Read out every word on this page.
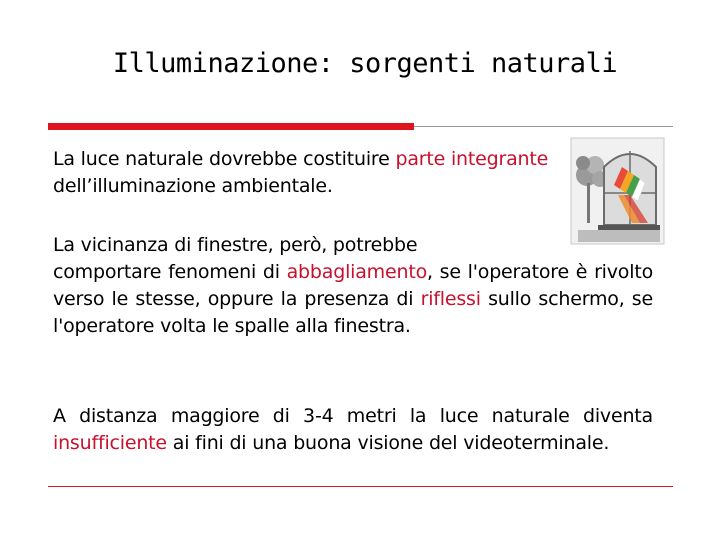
Illuminazione: sorgenti naturali
La luce naturale dovrebbe costituire parte integrante dell’illuminazione ambientale.
La vicinanza di finestre, però, potrebbe
comportare fenomeni di abbagliamento, se l'operatore è rivolto verso le stesse, oppure la presenza di riflessi sullo schermo, se l'operatore volta le spalle alla finestra.
A distanza maggiore di 3-4 metri la luce naturale diventa insufficiente ai fini di una buona visione del videoterminale.
